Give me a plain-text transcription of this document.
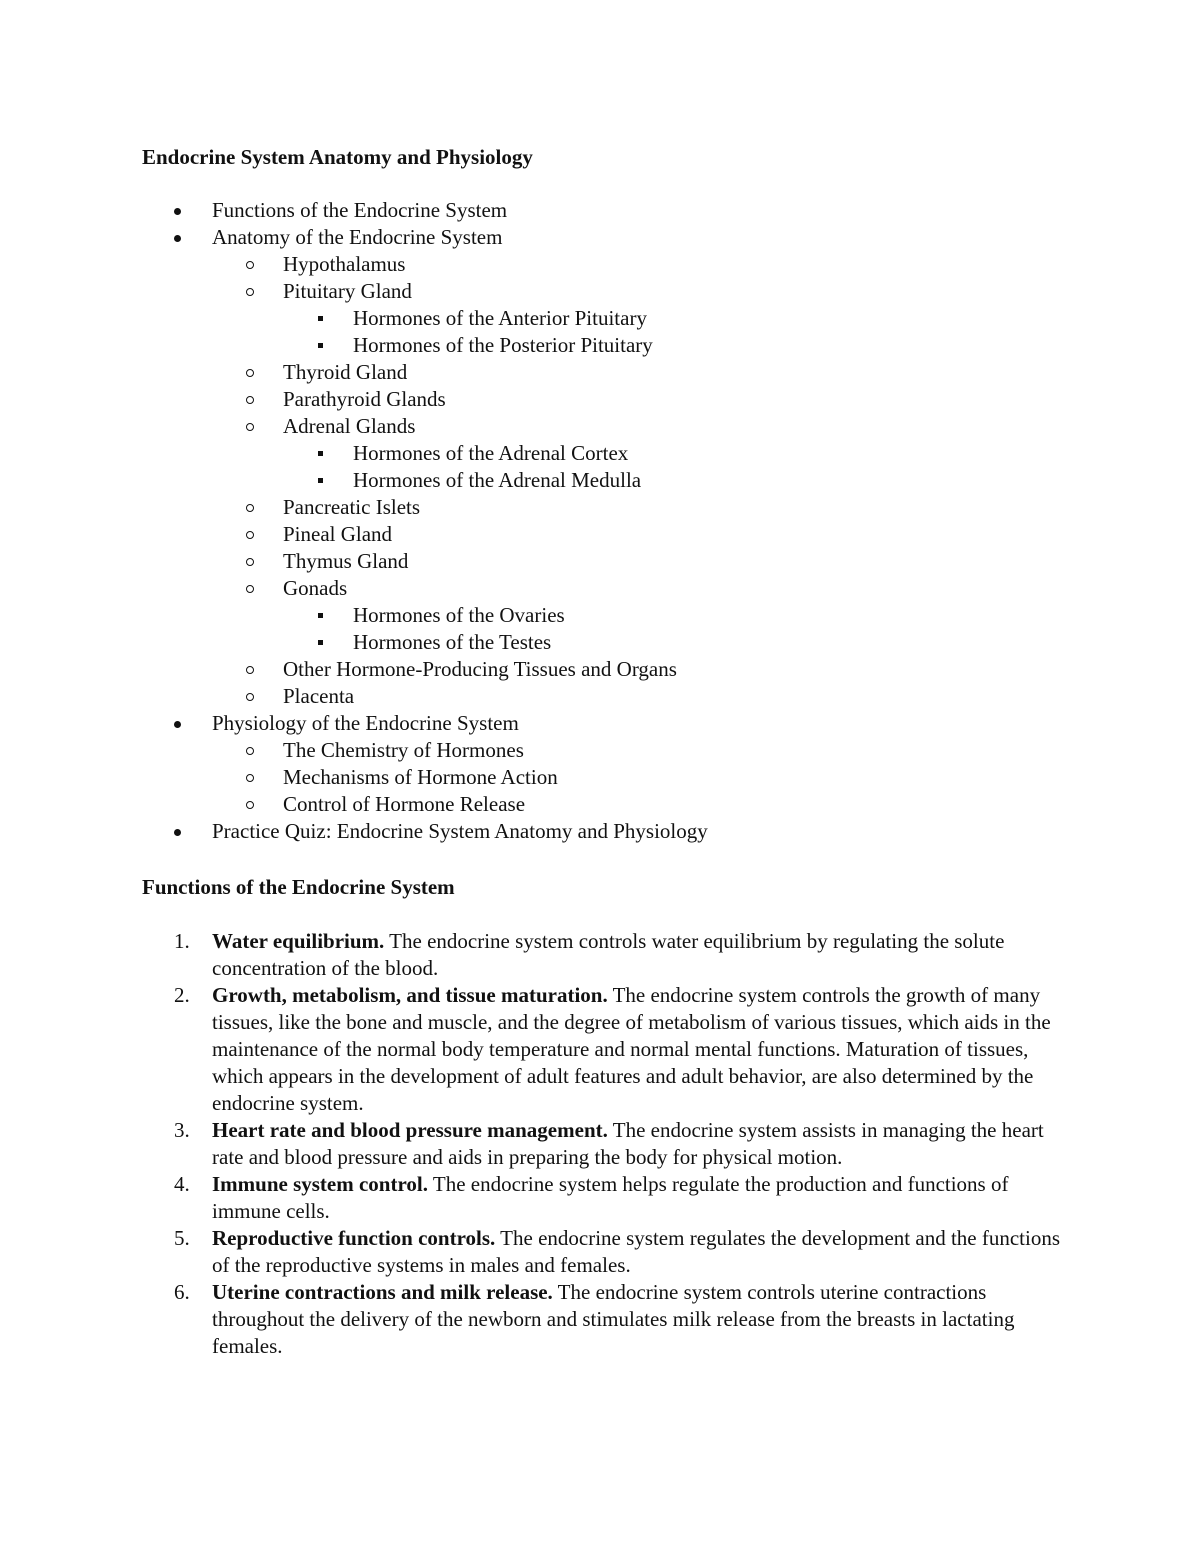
Endocrine System Anatomy and Physiology
Functions of the Endocrine System
Anatomy of the Endocrine System
Hypothalamus
Pituitary Gland
Hormones of the Anterior Pituitary
Hormones of the Posterior Pituitary
Thyroid Gland
Parathyroid Glands
Adrenal Glands
Hormones of the Adrenal Cortex
Hormones of the Adrenal Medulla
Pancreatic Islets
Pineal Gland
Thymus Gland
Gonads
Hormones of the Ovaries
Hormones of the Testes
Other Hormone-Producing Tissues and Organs
Placenta
Physiology of the Endocrine System
The Chemistry of Hormones
Mechanisms of Hormone Action
Control of Hormone Release
Practice Quiz: Endocrine System Anatomy and Physiology
Functions of the Endocrine System
1.	Water equilibrium. The endocrine system controls water equilibrium by regulating the solute concentration of the blood.
2.	Growth, metabolism, and tissue maturation. The endocrine system controls the growth of many tissues, like the bone and muscle, and the degree of metabolism of various tissues, which aids in the maintenance of the normal body temperature and normal mental functions. Maturation of tissues, which appears in the development of adult features and adult behavior, are also determined by the endocrine system.
3.	Heart rate and blood pressure management. The endocrine system assists in managing the heart rate and blood pressure and aids in preparing the body for physical motion.
4.	Immune system control. The endocrine system helps regulate the production and functions of immune cells.
5.	Reproductive function controls. The endocrine system regulates the development and the functions of the reproductive systems in males and females.
6.	Uterine contractions and milk release. The endocrine system controls uterine contractions throughout the delivery of the newborn and stimulates milk release from the breasts in lactating females.
